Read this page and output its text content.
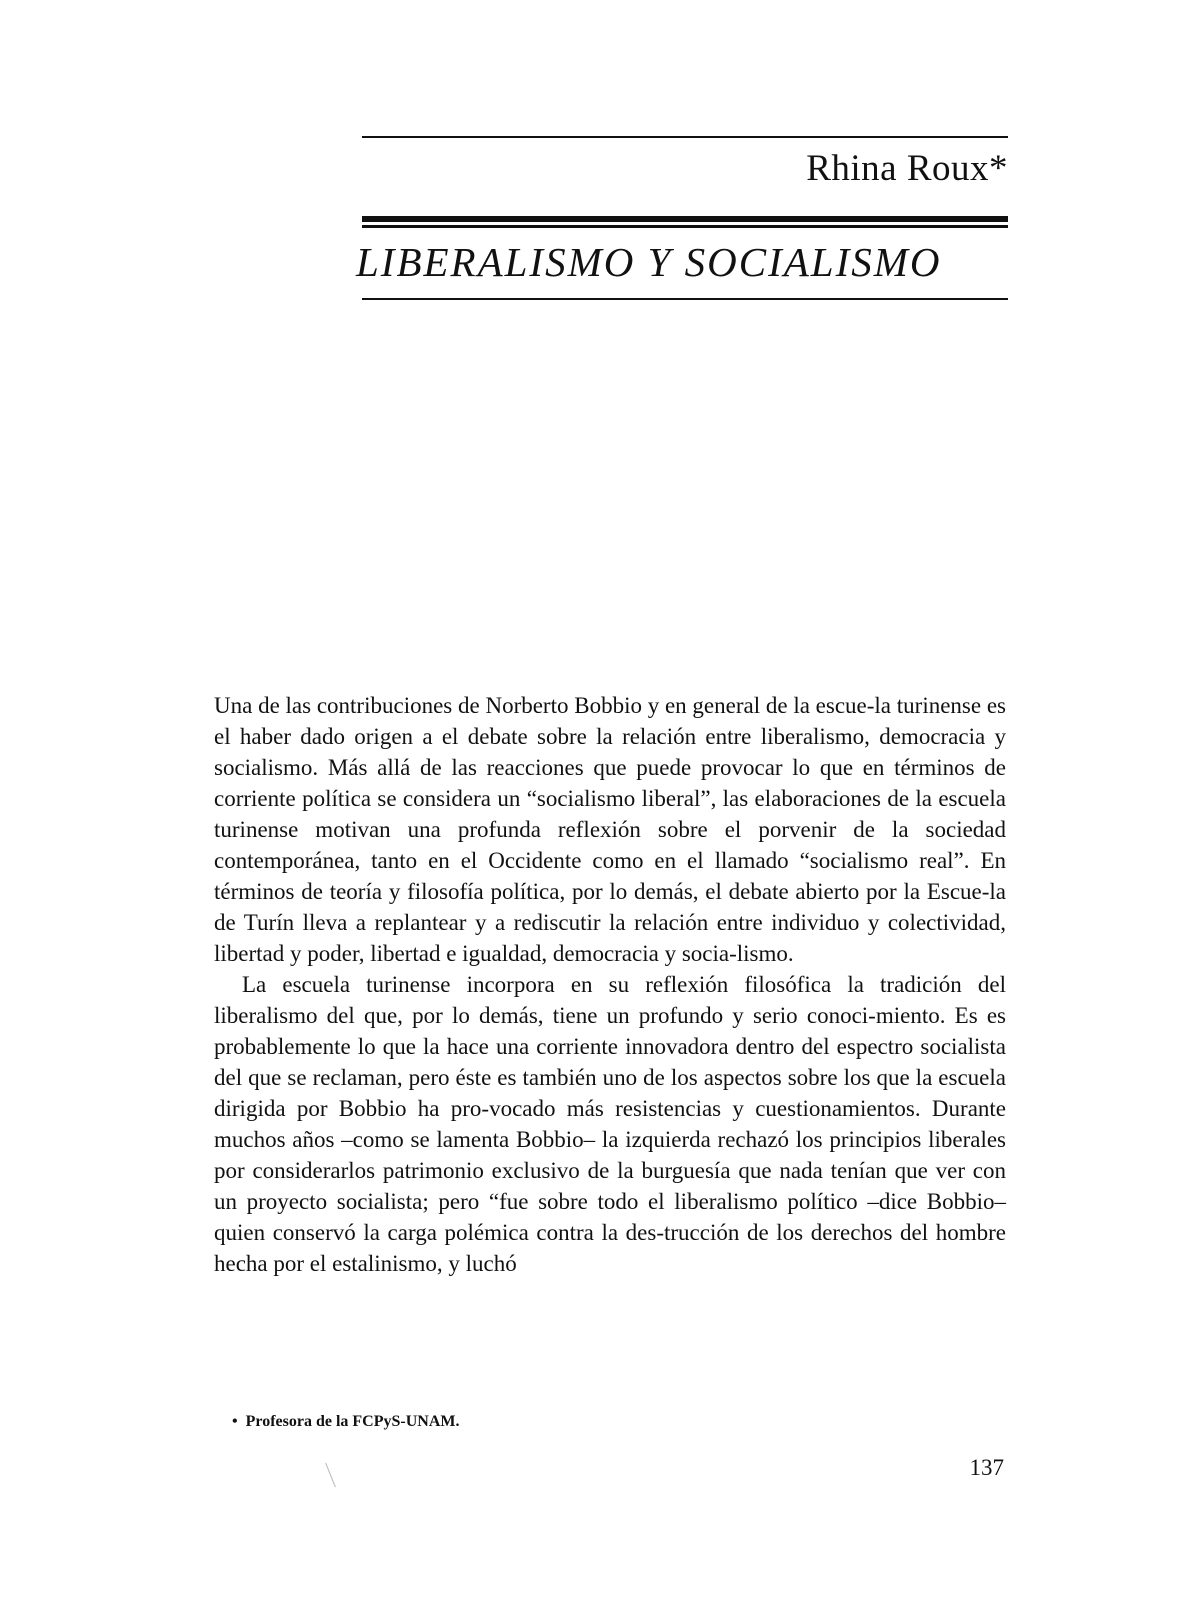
Rhina Roux*
LIBERALISMO Y SOCIALISMO

Una de las contribuciones de Norberto Bobbio y en general de la escue-la turinense es el haber dado origen a el debate sobre la relación entre liberalismo, democracia y socialismo. Más allá de las reacciones que puede provocar lo que en términos de corriente política se considera un “socialismo liberal”, las elaboraciones de la escuela turinense motivan una profunda reflexión sobre el porvenir de la sociedad contemporánea, tanto en el Occidente como en el llamado “socialismo real”. En términos de teoría y filosofía política, por lo demás, el debate abierto por la Escue-la de Turín lleva a replantear y a rediscutir la relación entre individuo y colectividad, libertad y poder, libertad e igualdad, democracia y socia-lismo.

La escuela turinense incorpora en su reflexión filosófica la tradición del liberalismo del que, por lo demás, tiene un profundo y serio conoci-miento. Es es probablemente lo que la hace una corriente innovadora dentro del espectro socialista del que se reclaman, pero éste es también uno de los aspectos sobre los que la escuela dirigida por Bobbio ha pro-vocado más resistencias y cuestionamientos. Durante muchos años –como se lamenta Bobbio– la izquierda rechazó los principios liberales por considerarlos patrimonio exclusivo de la burguesía que nada tenían que ver con un proyecto socialista; pero “fue sobre todo el liberalismo político –dice Bobbio– quien conservó la carga polémica contra la des-trucción de los derechos del hombre hecha por el estalinismo, y luchó

• Profesora de la FCPyS-UNAM.
137
